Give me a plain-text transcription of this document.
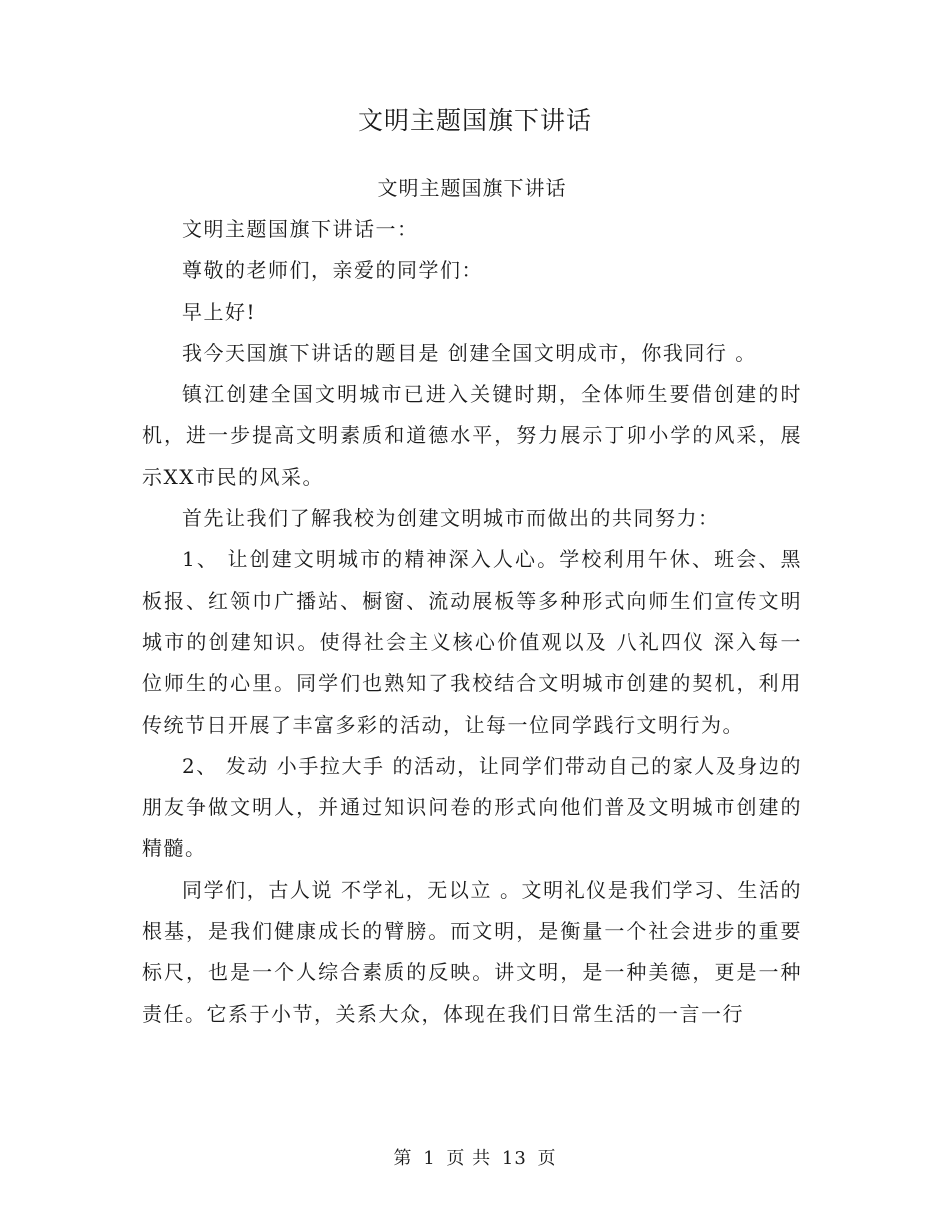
文明主题国旗下讲话

文明主题国旗下讲话

文明主题国旗下讲话一：

尊敬的老师们，亲爱的同学们：

早上好!

我今天国旗下讲话的题目是 创建全国文明成市，你我同行 。

镇江创建全国文明城市已进入关键时期，全体师生要借创建的时机，进一步提高文明素质和道德水平，努力展示丁卯小学的风采，展示XX市民的风采。

首先让我们了解我校为创建文明城市而做出的共同努力：

1、 让创建文明城市的精神深入人心。学校利用午休、班会、黑板报、红领巾广播站、橱窗、流动展板等多种形式向师生们宣传文明城市的创建知识。使得社会主义核心价值观以及 八礼四仪 深入每一位师生的心里。同学们也熟知了我校结合文明城市创建的契机，利用传统节日开展了丰富多彩的活动，让每一位同学践行文明行为。

2、 发动 小手拉大手 的活动，让同学们带动自己的家人及身边的朋友争做文明人，并通过知识问卷的形式向他们普及文明城市创建的精髓。

同学们，古人说 不学礼，无以立 。文明礼仪是我们学习、生活的根基，是我们健康成长的臂膀。而文明，是衡量一个社会进步的重要标尺，也是一个人综合素质的反映。讲文明，是一种美德，更是一种责任。它系于小节，关系大众，体现在我们日常生活的一言一行

第 1 页 共 13 页
